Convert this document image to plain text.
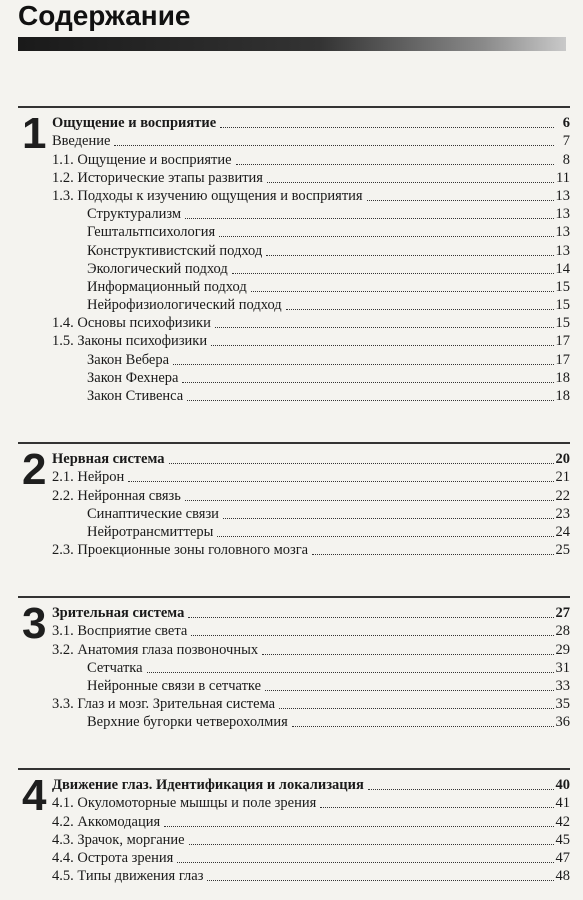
Содержание
1 Ощущение и восприятие	6
Введение	7
1.1. Ощущение и восприятие	8
1.2. Исторические этапы развития	11
1.3. Подходы к изучению ощущения и восприятия	13
Структурализм	13
Гештальтпсихология	13
Конструктивистский подход	13
Экологический подход	14
Информационный подход	15
Нейрофизиологический подход	15
1.4. Основы психофизики	15
1.5. Законы психофизики	17
Закон Вебера	17
Закон Фехнера	18
Закон Стивенса	18
2 Нервная система	20
2.1. Нейрон	21
2.2. Нейронная связь	22
Синаптические связи	23
Нейротрансмиттеры	24
2.3. Проекционные зоны головного мозга	25
3 Зрительная система	27
3.1. Восприятие света	28
3.2. Анатомия глаза позвоночных	29
Сетчатка	31
Нейронные связи в сетчатке	33
3.3. Глаз и мозг. Зрительная система	35
Верхние бугорки четверохолмия	36
4 Движение глаз. Идентификация и локализация	40
4.1. Окуломоторные мышцы и поле зрения	41
4.2. Аккомодация	42
4.3. Зрачок, моргание	45
4.4. Острота зрения	47
4.5. Типы движения глаз	48
